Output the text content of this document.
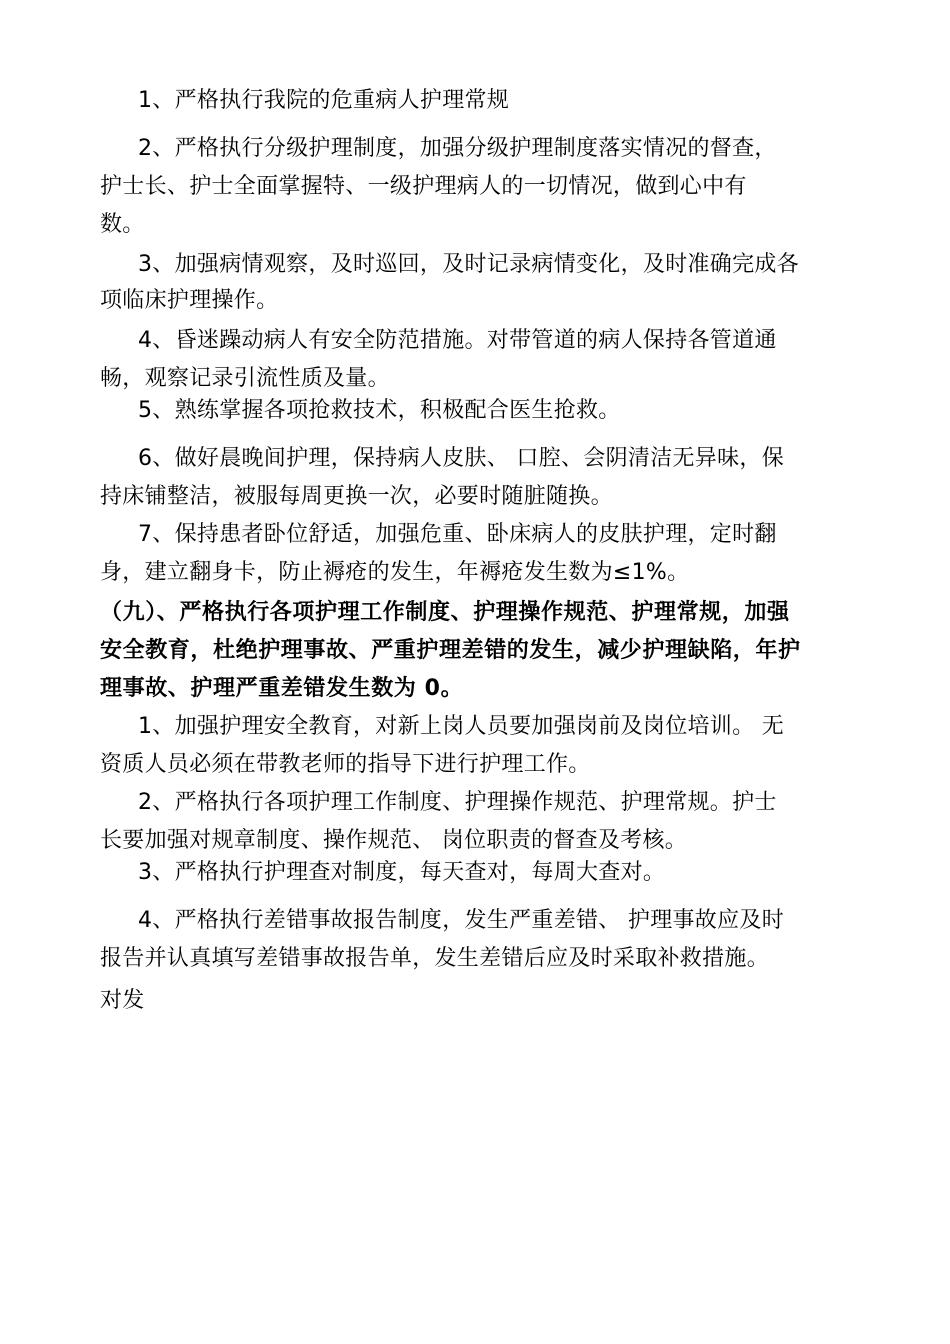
1、严格执行我院的危重病人护理常规
2、严格执行分级护理制度，加强分级护理制度落实情况的督查，
护士长、护士全面掌握特、一级护理病人的一切情况，做到心中有
数。
3、加强病情观察，及时巡回，及时记录病情变化，及时准确完成各
项临床护理操作。
4、昏迷躁动病人有安全防范措施。对带管道的病人保持各管道通
畅，观察记录引流性质及量。
5、熟练掌握各项抢救技术，积极配合医生抢救。
6、做好晨晚间护理，保持病人皮肤、 口腔、会阴清洁无异味，保
持床铺整洁，被服每周更换一次，必要时随脏随换。
7、保持患者卧位舒适，加强危重、卧床病人的皮肤护理，定时翻
身，建立翻身卡，防止褥疮的发生，年褥疮发生数为≤1%。
（九）、严格执行各项护理工作制度、护理操作规范、护理常规，加强
安全教育，杜绝护理事故、严重护理差错的发生，减少护理缺陷，年护
理事故、护理严重差错发生数为 0。
1、加强护理安全教育，对新上岗人员要加强岗前及岗位培训。 无
资质人员必须在带教老师的指导下进行护理工作。
2、严格执行各项护理工作制度、护理操作规范、护理常规。护士
长要加强对规章制度、操作规范、 岗位职责的督查及考核。
3、严格执行护理查对制度，每天查对，每周大查对。
4、严格执行差错事故报告制度，发生严重差错、 护理事故应及时
报告并认真填写差错事故报告单，发生差错后应及时采取补救措施。
对发
